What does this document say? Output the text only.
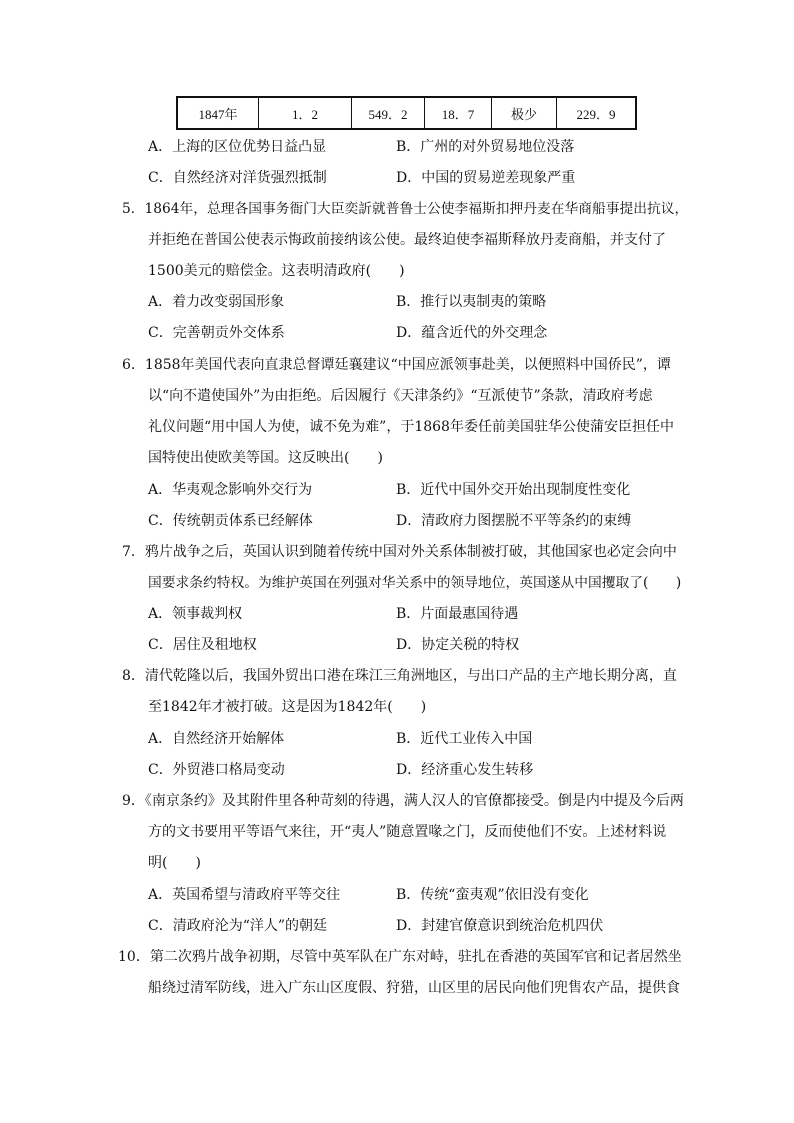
1847年	1．2	549．2	18．7	极少	229．9
A．上海的区位优势日益凸显	B．广州的对外贸易地位没落
C．自然经济对洋货强烈抵制	D．中国的贸易逆差现象严重
5．1864年，总理各国事务衙门大臣奕訢就普鲁士公使李福斯扣押丹麦在华商船事提出抗议，
并拒绝在普国公使表示悔政前接纳该公使。最终迫使李福斯释放丹麦商船，并支付了
1500美元的赔偿金。这表明清政府(　　)
A．着力改变弱国形象	B．推行以夷制夷的策略
C．完善朝贡外交体系	D．蕴含近代的外交理念
6．1858年美国代表向直隶总督谭廷襄建议“中国应派领事赴美，以便照料中国侨民”，谭
以“向不遣使国外”为由拒绝。后因履行《天津条约》“互派使节”条款，清政府考虑
礼仪问题“用中国人为使，诚不免为难”，于1868年委任前美国驻华公使蒲安臣担任中
国特使出使欧美等国。这反映出(　　)
A．华夷观念影响外交行为	B．近代中国外交开始出现制度性变化
C．传统朝贡体系已经解体	D．清政府力图摆脱不平等条约的束缚
7．鸦片战争之后，英国认识到随着传统中国对外关系体制被打破，其他国家也必定会向中
国要求条约特权。为维护英国在列强对华关系中的领导地位，英国遂从中国攫取了(　　)
A．领事裁判权	B．片面最惠国待遇
C．居住及租地权	D．协定关税的特权
8．清代乾隆以后，我国外贸出口港在珠江三角洲地区，与出口产品的主产地长期分离，直
至1842年才被打破。这是因为1842年(　　)
A．自然经济开始解体	B．近代工业传入中国
C．外贸港口格局变动	D．经济重心发生转移
9．《南京条约》及其附件里各种苛刻的待遇，满人汉人的官僚都接受。倒是内中提及今后两
方的文书要用平等语气来往，开“夷人”随意置喙之门，反而使他们不安。上述材料说
明(　　)
A．英国希望与清政府平等交往	B．传统“蛮夷观”依旧没有变化
C．清政府沦为“洋人”的朝廷	D．封建官僚意识到统治危机四伏
10．第二次鸦片战争初期，尽管中英军队在广东对峙，驻扎在香港的英国军官和记者居然坐
船绕过清军防线，进入广东山区度假、狩猎，山区里的居民向他们兜售农产品，提供食
